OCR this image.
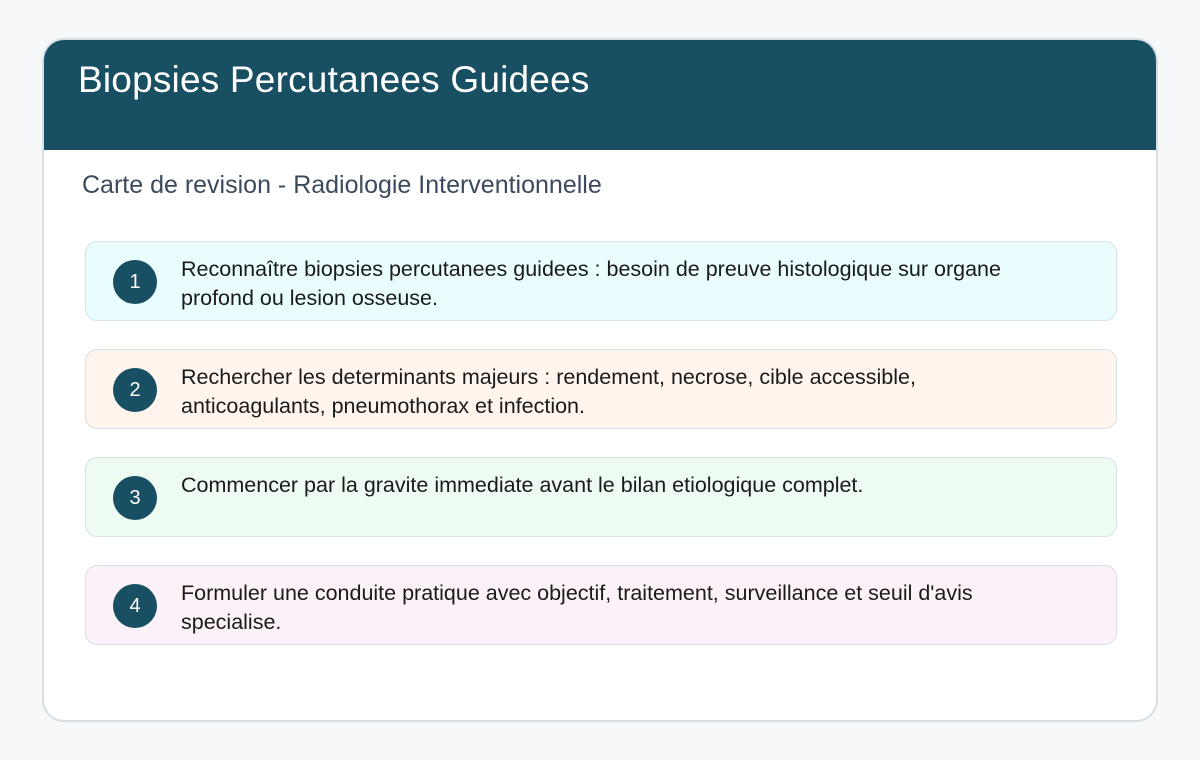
Biopsies Percutanees Guidees
Carte de revision - Radiologie Interventionnelle
1
Reconnaître biopsies percutanees guidees : besoin de preuve histologique sur organe profond ou lesion osseuse.
2
Rechercher les determinants majeurs : rendement, necrose, cible accessible, anticoagulants, pneumothorax et infection.
3
Commencer par la gravite immediate avant le bilan etiologique complet.
4
Formuler une conduite pratique avec objectif, traitement, surveillance et seuil d'avis specialise.
